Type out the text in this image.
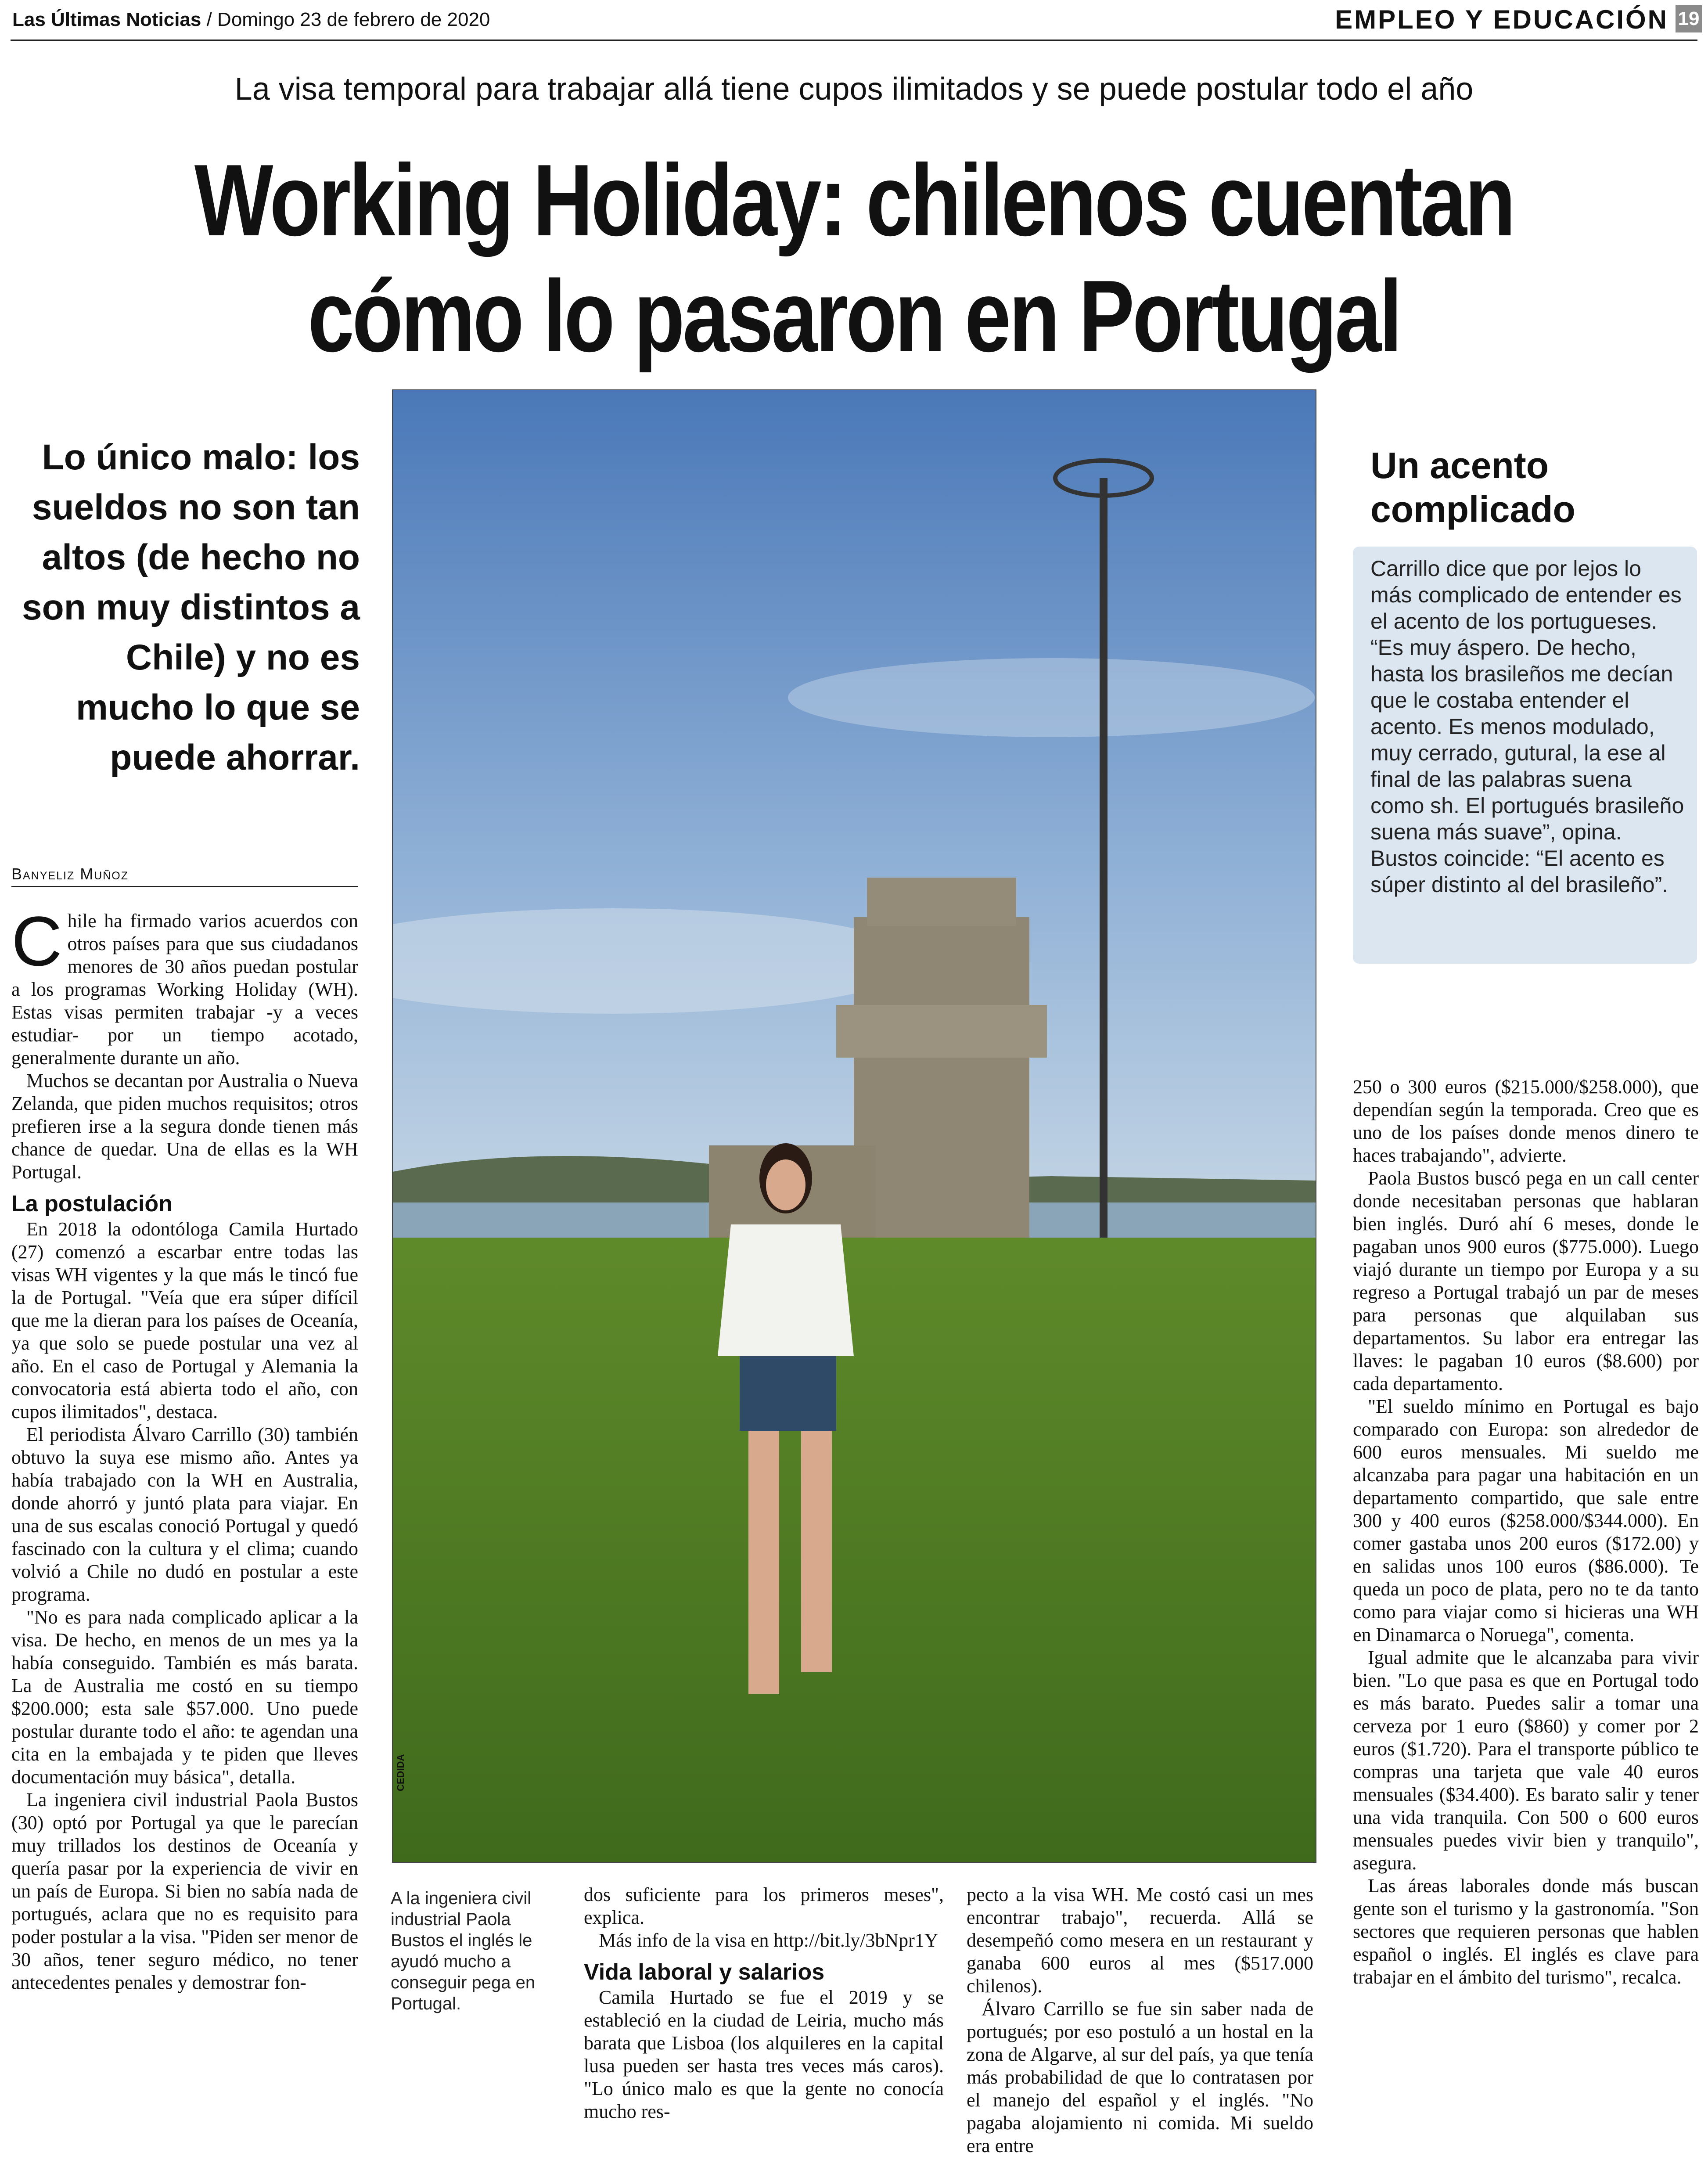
Las Últimas Noticias / Domingo 23 de febrero de 2020	EMPLEO Y EDUCACIÓN 19
La visa temporal para trabajar allá tiene cupos ilimitados y se puede postular todo el año
Working Holiday: chilenos cuentan
cómo lo pasaron en Portugal
Lo único malo: los sueldos no son tan altos (de hecho no son muy distintos a Chile) y no es mucho lo que se puede ahorrar.
Banyeliz Muñoz

Chile ha firmado varios acuerdos con otros países para que sus ciudadanos menores de 30 años puedan postular a los programas Working Holiday (WH). Estas visas permiten trabajar -y a veces estudiar- por un tiempo acotado, generalmente durante un año.

Muchos se decantan por Australia o Nueva Zelanda, que piden muchos requisitos; otros prefieren irse a la segura donde tienen más chance de quedar. Una de ellas es la WH Portugal.

La postulación

En 2018 la odontóloga Camila Hurtado (27) comenzó a escarbar entre todas las visas WH vigentes y la que más le tincó fue la de Portugal. "Veía que era súper difícil que me la dieran para los países de Oceanía, ya que solo se puede postular una vez al año. En el caso de Portugal y Alemania la convocatoria está abierta todo el año, con cupos ilimitados", destaca.

El periodista Álvaro Carrillo (30) también obtuvo la suya ese mismo año. Antes ya había trabajado con la WH en Australia, donde ahorró y juntó plata para viajar. En una de sus escalas conoció Portugal y quedó fascinado con la cultura y el clima; cuando volvió a Chile no dudó en postular a este programa.

"No es para nada complicado aplicar a la visa. De hecho, en menos de un mes ya la había conseguido. También es más barata. La de Australia me costó en su tiempo $200.000; esta sale $57.000. Uno puede postular durante todo el año: te agendan una cita en la embajada y te piden que lleves documentación muy básica", detalla.

La ingeniera civil industrial Paola Bustos (30) optó por Portugal ya que le parecían muy trillados los destinos de Oceanía y quería pasar por la experiencia de vivir en un país de Europa. Si bien no sabía nada de portugués, aclara que no es requisito para poder postular a la visa. "Piden ser menor de 30 años, tener seguro médico, no tener antecedentes penales y demostrar fon-

CEDIDA
A la ingeniera civil industrial Paola Bustos el inglés le ayudó mucho a conseguir pega en Portugal.

dos suficiente para los primeros meses", explica.

Más info de la visa en http://bit.ly/3bNpr1Y

Vida laboral y salarios

Camila Hurtado se fue el 2019 y se estableció en la ciudad de Leiria, mucho más barata que Lisboa (los alquileres en la capital lusa pueden ser hasta tres veces más caros). "Lo único malo es que la gente no conocía mucho res-

pecto a la visa WH. Me costó casi un mes encontrar trabajo", recuerda. Allá se desempeñó como mesera en un restaurant y ganaba 600 euros al mes ($517.000 chilenos).

Álvaro Carrillo se fue sin saber nada de portugués; por eso postuló a un hostal en la zona de Algarve, al sur del país, ya que tenía más probabilidad de que lo contratasen por el manejo del español y el inglés. "No pagaba alojamiento ni comida. Mi sueldo era entre

Un acento complicado
Carrillo dice que por lejos lo más complicado de entender es el acento de los portugueses. “Es muy áspero. De hecho, hasta los brasileños me decían que le costaba entender el acento. Es menos modulado, muy cerrado, gutural, la ese al final de las palabras suena como sh. El portugués brasileño suena más suave”, opina. Bustos coincide: “El acento es súper distinto al del brasileño”.

250 o 300 euros ($215.000/$258.000), que dependían según la temporada. Creo que es uno de los países donde menos dinero te haces trabajando", advierte.

Paola Bustos buscó pega en un call center donde necesitaban personas que hablaran bien inglés. Duró ahí 6 meses, donde le pagaban unos 900 euros ($775.000). Luego viajó durante un tiempo por Europa y a su regreso a Portugal trabajó un par de meses para personas que alquilaban sus departamentos. Su labor era entregar las llaves: le pagaban 10 euros ($8.600) por cada departamento.

"El sueldo mínimo en Portugal es bajo comparado con Europa: son alrededor de 600 euros mensuales. Mi sueldo me alcanzaba para pagar una habitación en un departamento compartido, que sale entre 300 y 400 euros ($258.000/$344.000). En comer gastaba unos 200 euros ($172.00) y en salidas unos 100 euros ($86.000). Te queda un poco de plata, pero no te da tanto como para viajar como si hicieras una WH en Dinamarca o Noruega", comenta.

Igual admite que le alcanzaba para vivir bien. "Lo que pasa es que en Portugal todo es más barato. Puedes salir a tomar una cerveza por 1 euro ($860) y comer por 2 euros ($1.720). Para el transporte público te compras una tarjeta que vale 40 euros mensuales ($34.400). Es barato salir y tener una vida tranquila. Con 500 o 600 euros mensuales puedes vivir bien y tranquilo", asegura.

Las áreas laborales donde más buscan gente son el turismo y la gastronomía. "Son sectores que requieren personas que hablen español o inglés. El inglés es clave para trabajar en el ámbito del turismo", recalca.
